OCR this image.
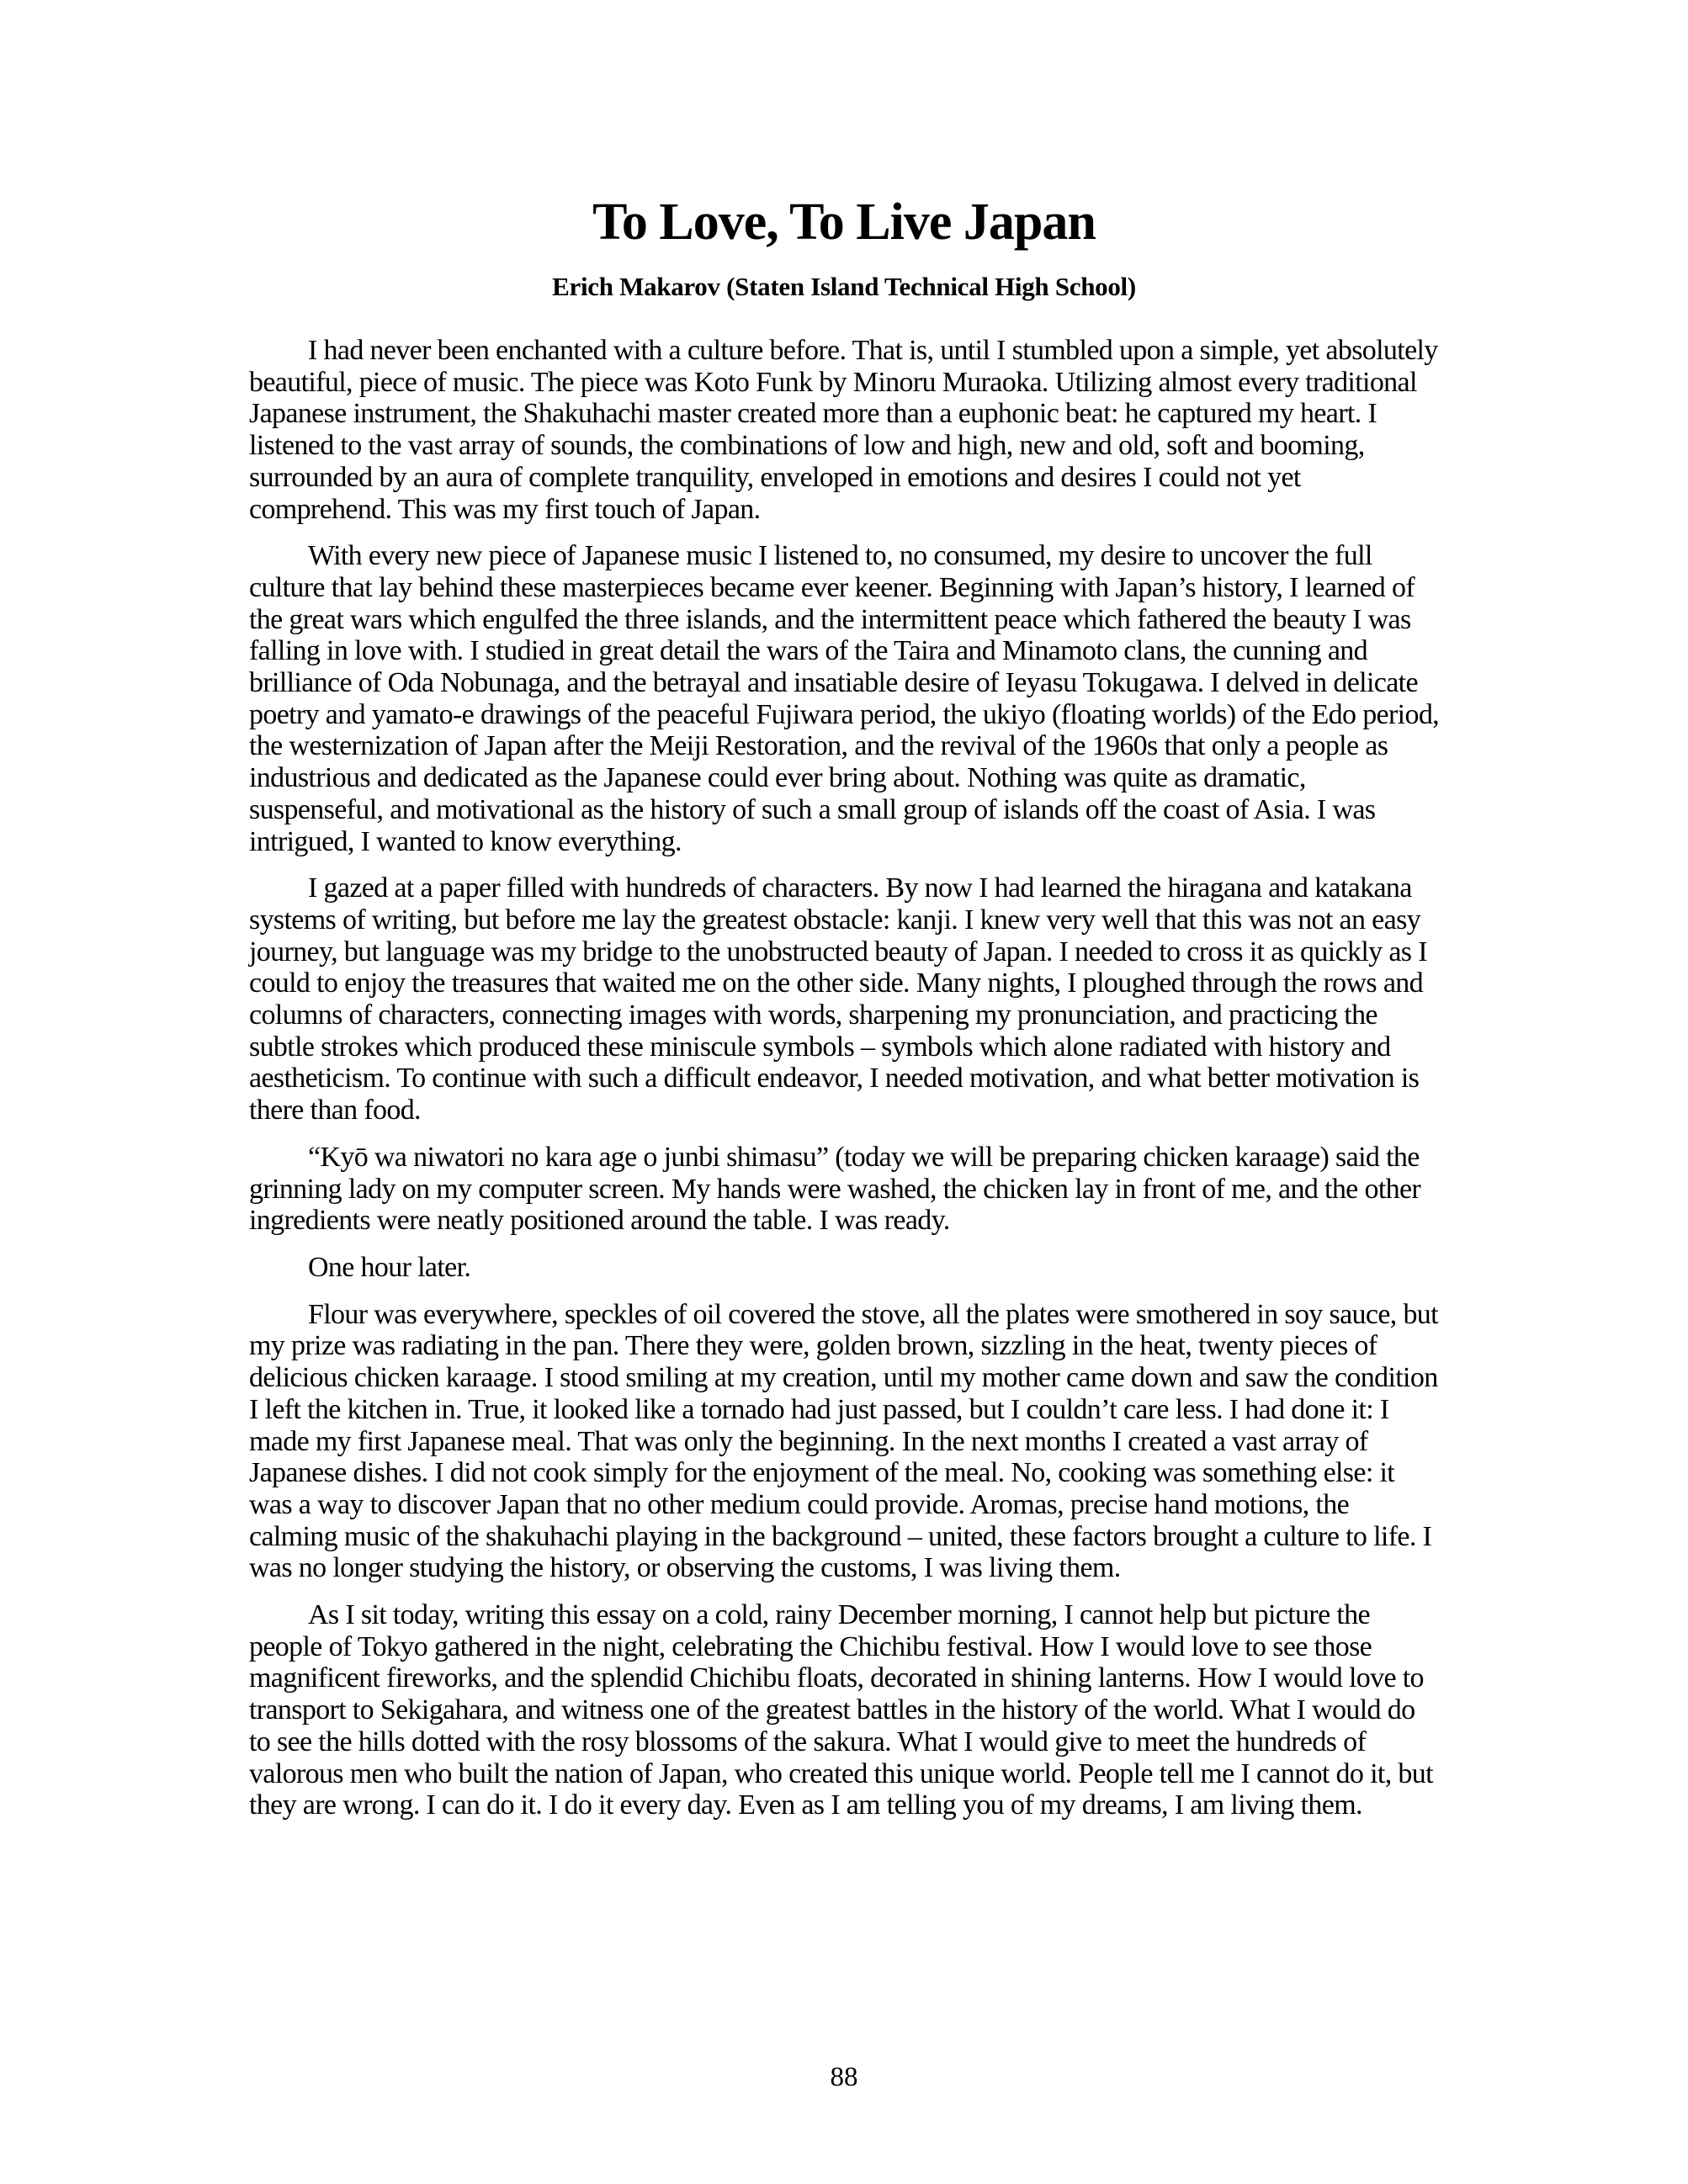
To Love, To Live Japan
Erich Makarov (Staten Island Technical High School)

I had never been enchanted with a culture before. That is, until I stumbled upon a simple, yet absolutely beautiful, piece of music. The piece was Koto Funk by Minoru Muraoka. Utilizing almost every traditional Japanese instrument, the Shakuhachi master created more than a euphonic beat: he captured my heart. I listened to the vast array of sounds, the combinations of low and high, new and old, soft and booming, surrounded by an aura of complete tranquility, enveloped in emotions and desires I could not yet comprehend. This was my first touch of Japan.

With every new piece of Japanese music I listened to, no consumed, my desire to uncover the full culture that lay behind these masterpieces became ever keener. Beginning with Japan’s history, I learned of the great wars which engulfed the three islands, and the intermittent peace which fathered the beauty I was falling in love with. I studied in great detail the wars of the Taira and Minamoto clans, the cunning and brilliance of Oda Nobunaga, and the betrayal and insatiable desire of Ieyasu Tokugawa. I delved in delicate poetry and yamato-e drawings of the peaceful Fujiwara period, the ukiyo (floating worlds) of the Edo period, the westernization of Japan after the Meiji Restoration, and the revival of the 1960s that only a people as industrious and dedicated as the Japanese could ever bring about. Nothing was quite as dramatic, suspenseful, and motivational as the history of such a small group of islands off the coast of Asia. I was intrigued, I wanted to know everything.

I gazed at a paper filled with hundreds of characters. By now I had learned the hiragana and katakana systems of writing, but before me lay the greatest obstacle: kanji. I knew very well that this was not an easy journey, but language was my bridge to the unobstructed beauty of Japan. I needed to cross it as quickly as I could to enjoy the treasures that waited me on the other side. Many nights, I ploughed through the rows and columns of characters, connecting images with words, sharpening my pronunciation, and practicing the subtle strokes which produced these miniscule symbols – symbols which alone radiated with history and aestheticism. To continue with such a difficult endeavor, I needed motivation, and what better motivation is there than food.

“Kyō wa niwatori no kara age o junbi shimasu” (today we will be preparing chicken karaage) said the grinning lady on my computer screen. My hands were washed, the chicken lay in front of me, and the other ingredients were neatly positioned around the table. I was ready.

One hour later.

Flour was everywhere, speckles of oil covered the stove, all the plates were smothered in soy sauce, but my prize was radiating in the pan. There they were, golden brown, sizzling in the heat, twenty pieces of delicious chicken karaage. I stood smiling at my creation, until my mother came down and saw the condition I left the kitchen in. True, it looked like a tornado had just passed, but I couldn’t care less. I had done it: I made my first Japanese meal. That was only the beginning. In the next months I created a vast array of Japanese dishes. I did not cook simply for the enjoyment of the meal. No, cooking was something else: it was a way to discover Japan that no other medium could provide. Aromas, precise hand motions, the calming music of the shakuhachi playing in the background – united, these factors brought a culture to life. I was no longer studying the history, or observing the customs, I was living them.

As I sit today, writing this essay on a cold, rainy December morning, I cannot help but picture the people of Tokyo gathered in the night, celebrating the Chichibu festival. How I would love to see those magnificent fireworks, and the splendid Chichibu floats, decorated in shining lanterns. How I would love to transport to Sekigahara, and witness one of the greatest battles in the history of the world. What I would do to see the hills dotted with the rosy blossoms of the sakura. What I would give to meet the hundreds of valorous men who built the nation of Japan, who created this unique world. People tell me I cannot do it, but they are wrong. I can do it. I do it every day. Even as I am telling you of my dreams, I am living them.

88
